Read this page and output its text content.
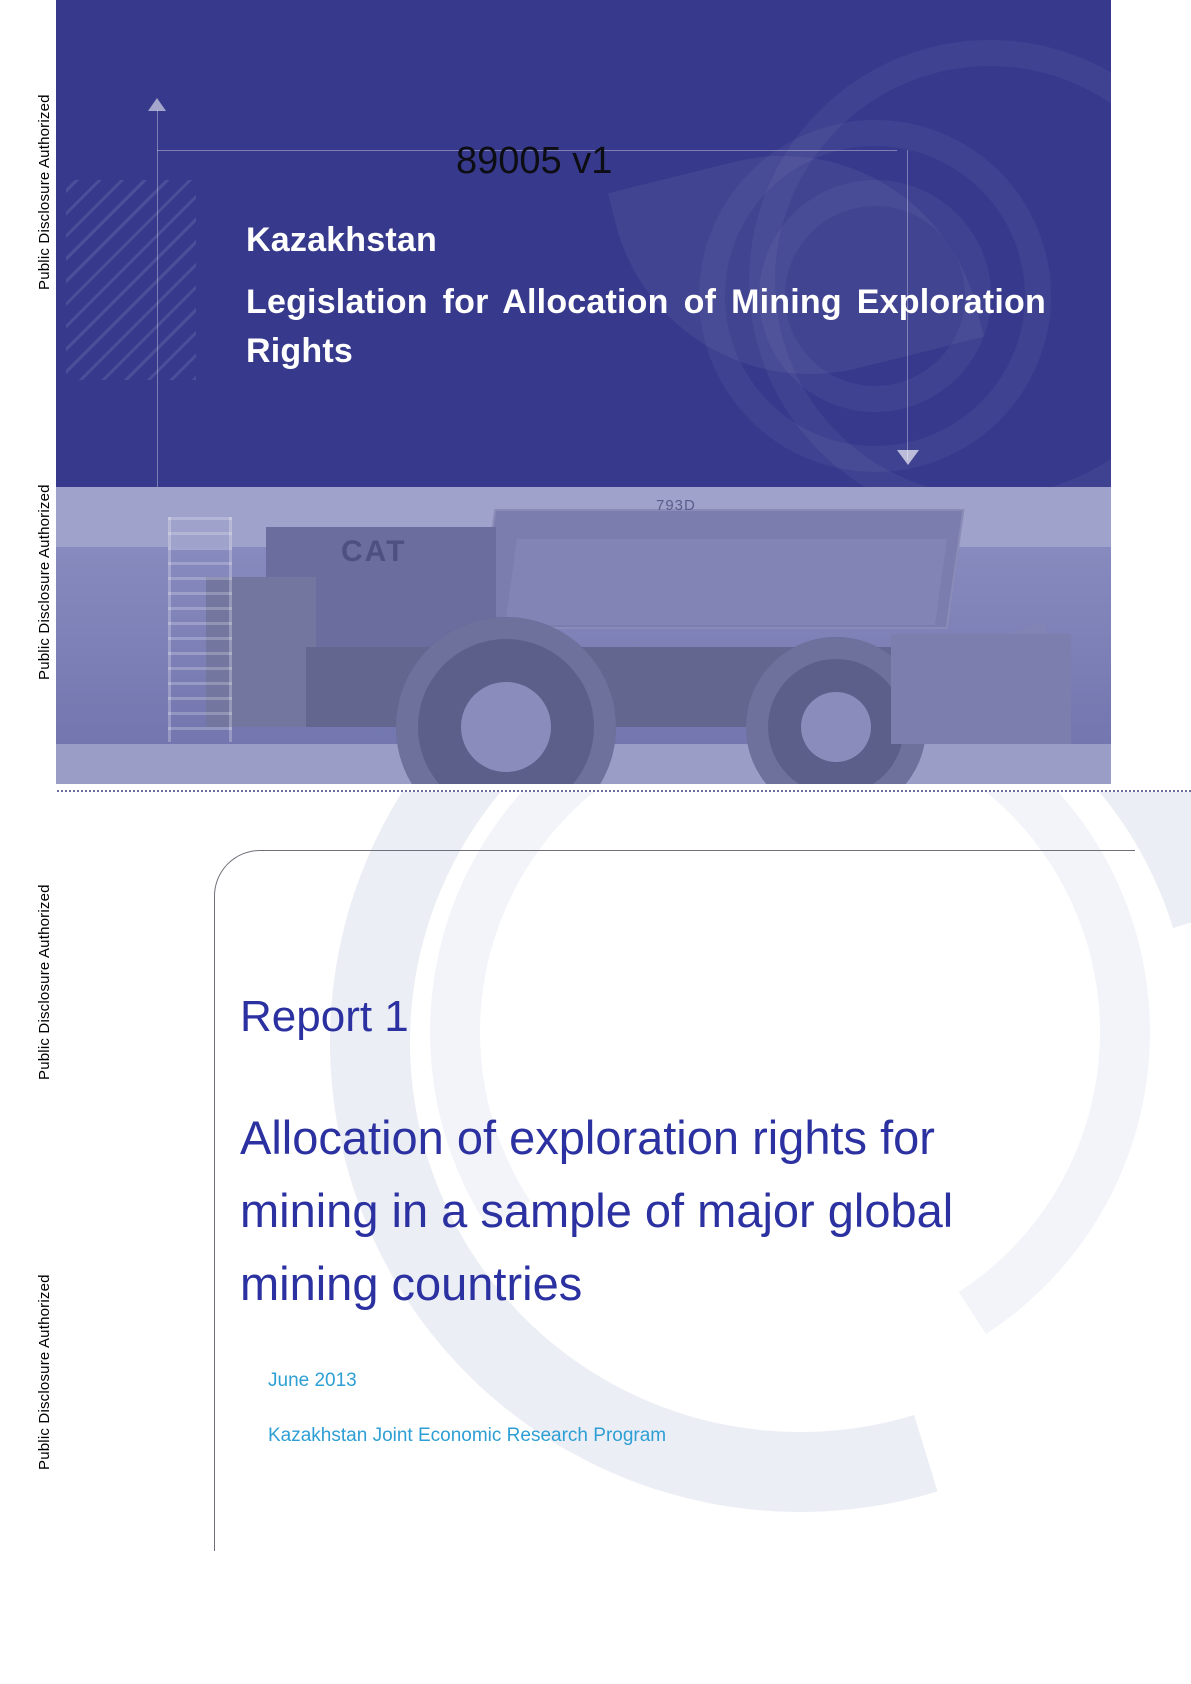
Public Disclosure Authorized
Public Disclosure Authorized
Public Disclosure Authorized
89005 v1
Kazakhstan
Legislation for Allocation of Mining Exploration Rights
CAT
793D
Report 1
Allocation of exploration rights for mining in a sample of major global mining countries
June 2013
Kazakhstan Joint Economic Research Program
Public Disclosure Authorized
